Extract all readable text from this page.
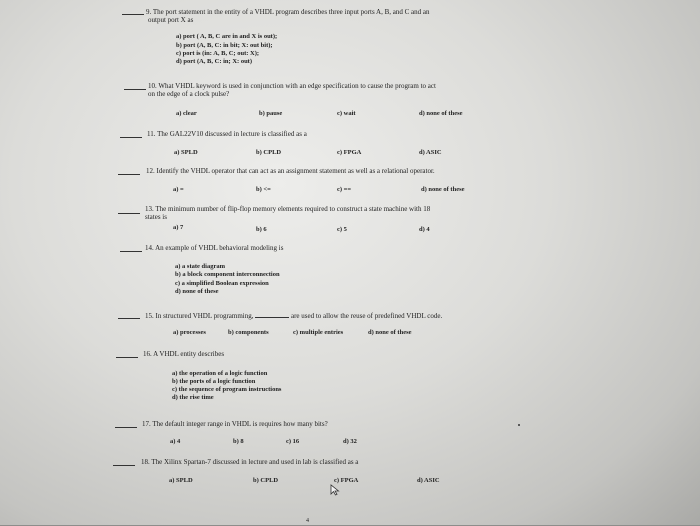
9. The port statement in the entity of a VHDL program describes three input ports A, B, and C and an
output port X as
a) port ( A, B, C are in and X is out);
b) port (A, B, C: in bit; X: out bit);
c) port is (in: A, B, C; out: X);
d) port (A, B, C: in; X: out)
10. What VHDL keyword is used in conjunction with an edge specification to cause the program to act
on the edge of a clock pulse?
a) clear	b) pause	c) wait	d) none of these
11. The GAL22V10 discussed in lecture is classified as a
a) SPLD	b) CPLD	c) FPGA	d) ASIC
12. Identify the VHDL operator that can act as an assignment statement as well as a relational operator.
a) =	b) <=	c) ==	d) none of these
13. The minimum number of flip-flop memory elements required to construct a state machine with 18
states is
a) 7	b) 6	c) 5	d) 4
14. An example of VHDL behavioral modeling is
a) a state diagram
b) a block component interconnection
c) a simplified Boolean expression
d) none of these
15. In structured VHDL programming,	are used to allow the reuse of predefined VHDL code.
a) processes	b) components	c) multiple entries	d) none of these
16. A VHDL entity describes
a) the operation of a logic function
b) the ports of a logic function
c) the sequence of program instructions
d) the rise time
17. The default integer range in VHDL is requires how many bits?
a) 4	b) 8	c) 16	d) 32
18. The Xilinx Spartan-7 discussed in lecture and used in lab is classified as a
a) SPLD	b) CPLD	c) FPGA	d) ASIC
4
